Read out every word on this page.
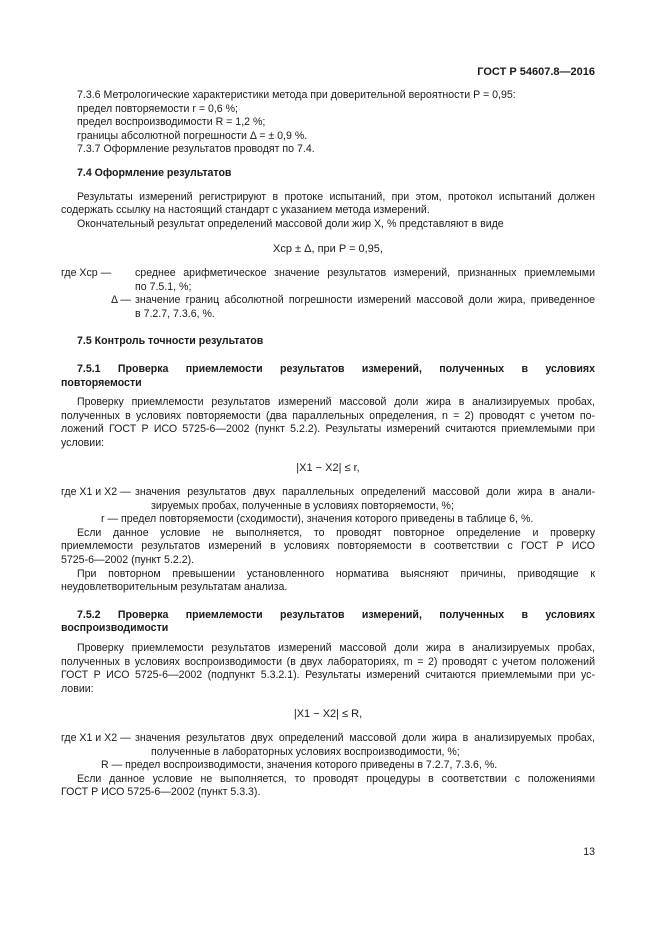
ГОСТ Р 54607.8—2016

7.3.6 Метрологические характеристики метода при доверительной вероятности P = 0,95:

предел повторяемости r = 0,6 %;

предел воспроизводимости R = 1,2 %;

границы абсолютной погрешности Δ = ± 0,9 %.

7.3.7 Оформление результатов проводят по 7.4.

7.4 Оформление результатов

Результаты измерений регистрируют в протоке испытаний, при этом, протокол испытаний должен

содержать ссылку на настоящий стандарт с указанием метода измерений.

Окончательный результат определений массовой доли жир X, % представляют в виде

Xср ± Δ, при P = 0,95,

где Xср —	среднее арифметическое значение результатов измерений, признанных приемлемыми

по 7.5.1, %;

Δ — значение границ абсолютной погрешности измерений массовой доли жира, приведенное

в 7.2.7, 7.3.6, %.

7.5 Контроль точности результатов

7.5.1 Проверка приемлемости результатов измерений, полученных в условиях

повторяемости

Проверку приемлемости результатов измерений массовой доли жира в анализируемых пробах,

полученных в условиях повторяемости (два параллельных определения, n = 2) проводят с учетом по-

ложений ГОСТ Р ИСО 5725-6—2002 (пункт 5.2.2). Результаты измерений считаются приемлемыми при

условии:

|X1 − X2| ≤ r,

где X1 и X2 — значения результатов двух параллельных определений массовой доли жира в анали-

зируемых пробах, полученные в условиях повторяемости, %;

r — предел повторяемости (сходимости), значения которого приведены в таблице 6, %.

Если данное условие не выполняется, то проводят повторное определение и проверку

приемлемости результатов измерений в условиях повторяемости в соответствии с ГОСТ Р ИСО

5725-6—2002 (пункт 5.2.2).

При повторном превышении установленного норматива выясняют причины, приводящие к

неудовлетворительным результатам анализа.

7.5.2 Проверка приемлемости результатов измерений, полученных в условиях

воспроизводимости

Проверку приемлемости результатов измерений массовой доли жира в анализируемых пробах,

полученных в условиях воспроизводимости (в двух лабораториях, m = 2) проводят с учетом положений

ГОСТ Р ИСО 5725-6—2002 (подпункт 5.3.2.1). Результаты измерений считаются приемлемыми при ус-

ловии:

|X1 − X2| ≤ R,

где X1 и X2 — значения результатов двух определений массовой доли жира в анализируемых пробах,

полученные в лабораторных условиях воспроизводимости, %;

R — предел воспроизводимости, значения которого приведены в 7.2.7, 7.3.6, %.

Если данное условие не выполняется, то проводят процедуры в соответствии с положениями

ГОСТ Р ИСО 5725-6—2002 (пункт 5.3.3).

13
